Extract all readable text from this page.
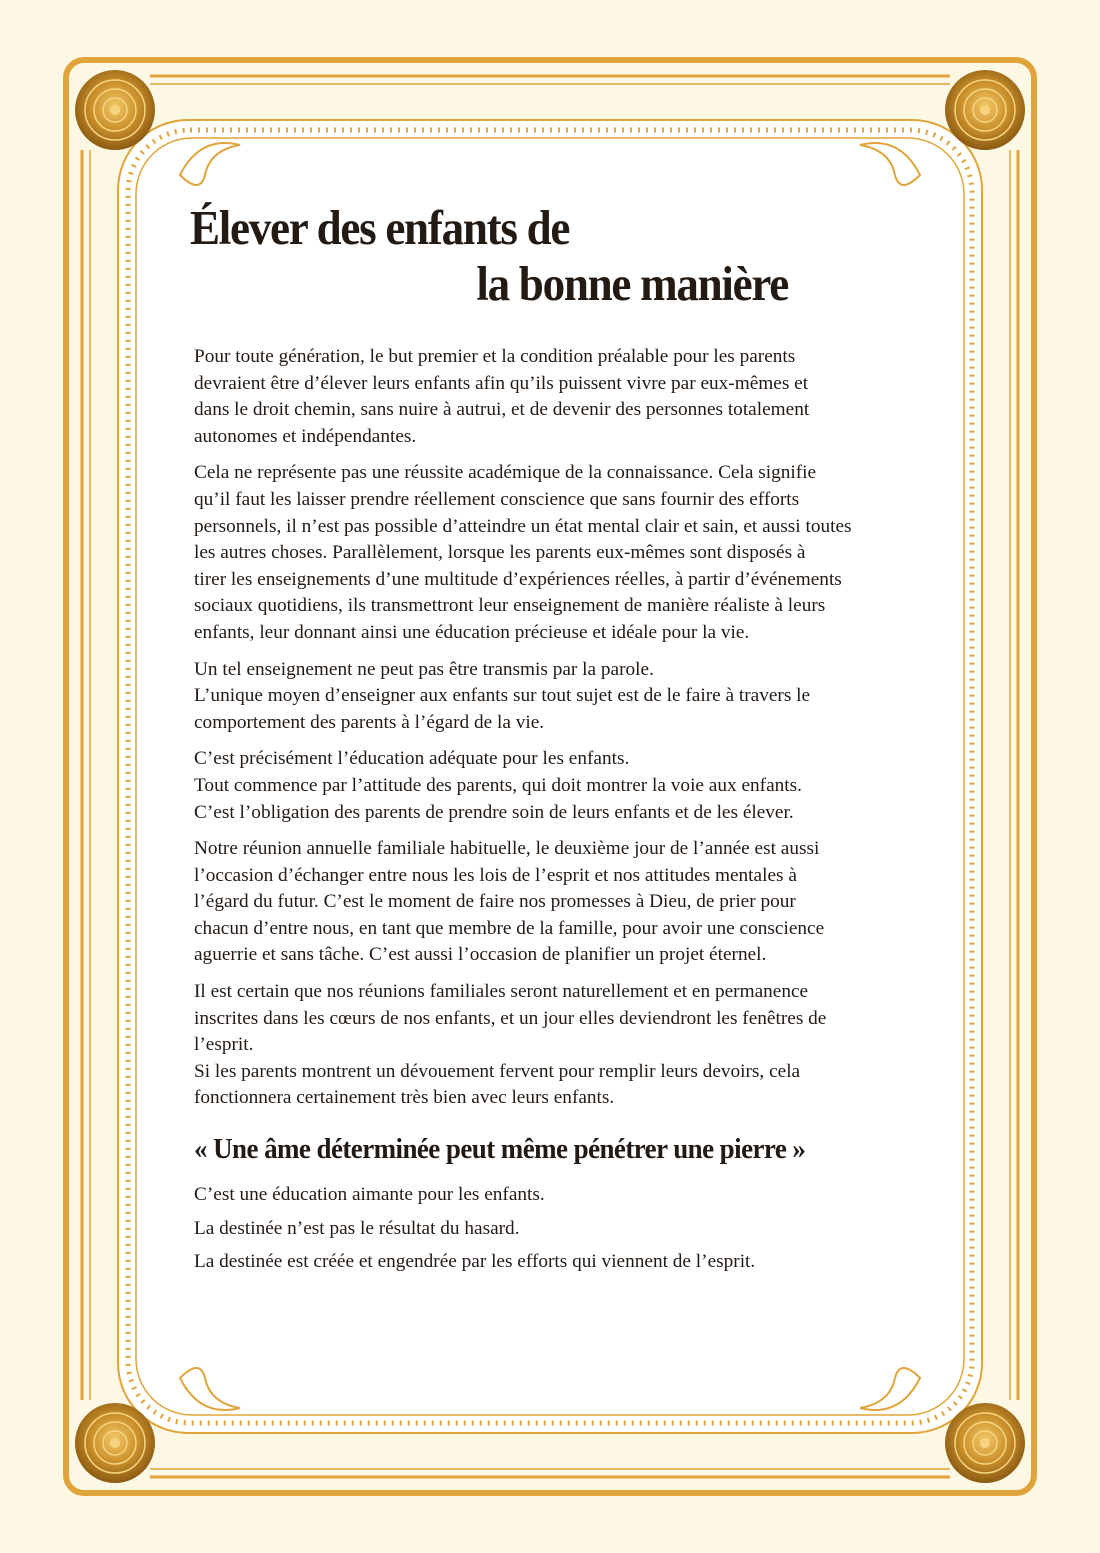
Élever des enfants de
la bonne manière

Pour toute génération, le but premier et la condition préalable pour les parents
devraient être d’élever leurs enfants afin qu’ils puissent vivre par eux-mêmes et
dans le droit chemin, sans nuire à autrui, et de devenir des personnes totalement
autonomes et indépendantes.

Cela ne représente pas une réussite académique de la connaissance. Cela signifie
qu’il faut les laisser prendre réellement conscience que sans fournir des efforts
personnels, il n’est pas possible d’atteindre un état mental clair et sain, et aussi toutes
les autres choses. Parallèlement, lorsque les parents eux-mêmes sont disposés à
tirer les enseignements d’une multitude d’expériences réelles, à partir d’événements
sociaux quotidiens, ils transmettront leur enseignement de manière réaliste à leurs
enfants, leur donnant ainsi une éducation précieuse et idéale pour la vie.

Un tel enseignement ne peut pas être transmis par la parole.
L’unique moyen d’enseigner aux enfants sur tout sujet est de le faire à travers le
comportement des parents à l’égard de la vie.

C’est précisément l’éducation adéquate pour les enfants.
Tout commence par l’attitude des parents, qui doit montrer la voie aux enfants.
C’est l’obligation des parents de prendre soin de leurs enfants et de les élever.

Notre réunion annuelle familiale habituelle, le deuxième jour de l’année est aussi
l’occasion d’échanger entre nous les lois de l’esprit et nos attitudes mentales à
l’égard du futur. C’est le moment de faire nos promesses à Dieu, de prier pour
chacun d’entre nous, en tant que membre de la famille, pour avoir une conscience
aguerrie et sans tâche. C’est aussi l’occasion de planifier un projet éternel.

Il est certain que nos réunions familiales seront naturellement et en permanence
inscrites dans les cœurs de nos enfants, et un jour elles deviendront les fenêtres de
l’esprit.
Si les parents montrent un dévouement fervent pour remplir leurs devoirs, cela
fonctionnera certainement très bien avec leurs enfants.

« Une âme déterminée peut même pénétrer une pierre »
C’est une éducation aimante pour les enfants.
La destinée n’est pas le résultat du hasard.
La destinée est créée et engendrée par les efforts qui viennent de l’esprit.
